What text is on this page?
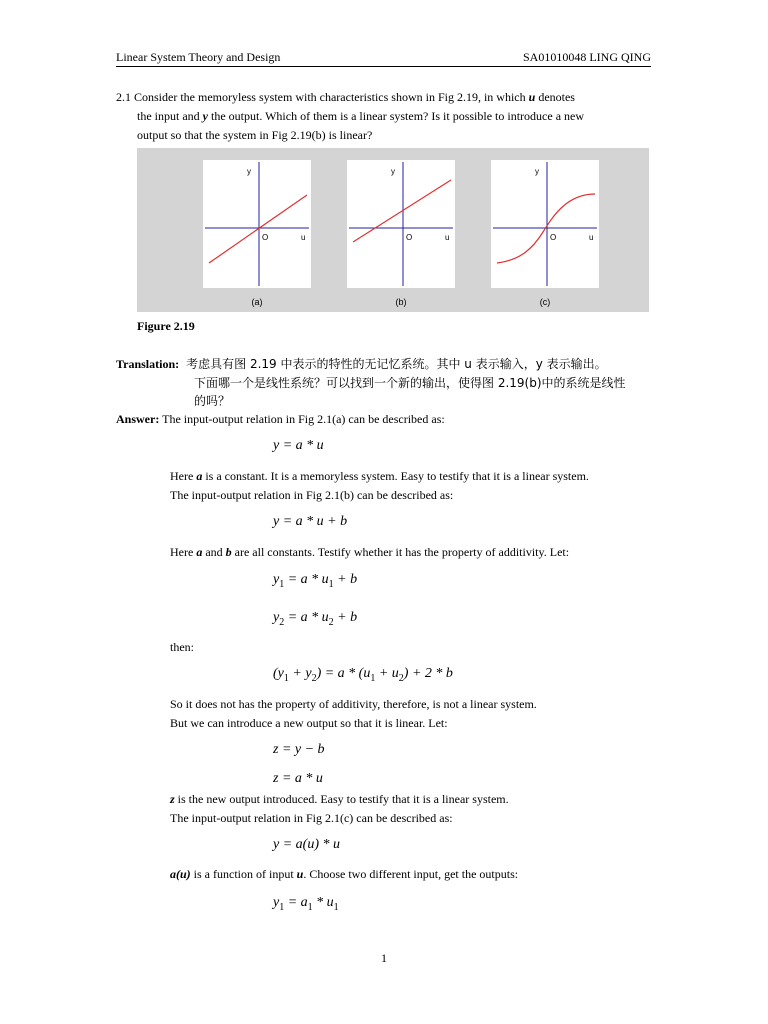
Linear System Theory and Design	SA01010048 LING QING
2.1 Consider the memoryless system with characteristics shown in Fig 2.19, in which u denotes
the input and y the output. Which of them is a linear system? Is it possible to introduce a new
output so that the system in Fig 2.19(b) is linear?
y
u
O
(a)
y
u
O
(b)
y
u
O
(c)
Figure 2.19
Translation: 考虑具有图 2.19 中表示的特性的无记忆系统。其中 u 表示输入，y 表示输出。
下面哪一个是线性系统？可以找到一个新的输出，使得图 2.19(b)中的系统是线性
的吗？
Answer: The input-output relation in Fig 2.1(a) can be described as:
y = a * u
Here a is a constant. It is a memoryless system. Easy to testify that it is a linear system.
The input-output relation in Fig 2.1(b) can be described as:
y = a * u + b
Here a and b are all constants. Testify whether it has the property of additivity. Let:
$y_1 = a * u_1 + b$
$y_2 = a * u_2 + b$
then:
$(y_1 + y_2) = a * (u_1 + u_2) + 2 * b$
So it does not has the property of additivity, therefore, is not a linear system.
But we can introduce a new output so that it is linear. Let:
z = y − b
z = a * u
z is the new output introduced. Easy to testify that it is a linear system.
The input-output relation in Fig 2.1(c) can be described as:
y = a(u) * u
a(u) is a function of input u. Choose two different input, get the outputs:
$y_1 = a_1 * u_1$
1
